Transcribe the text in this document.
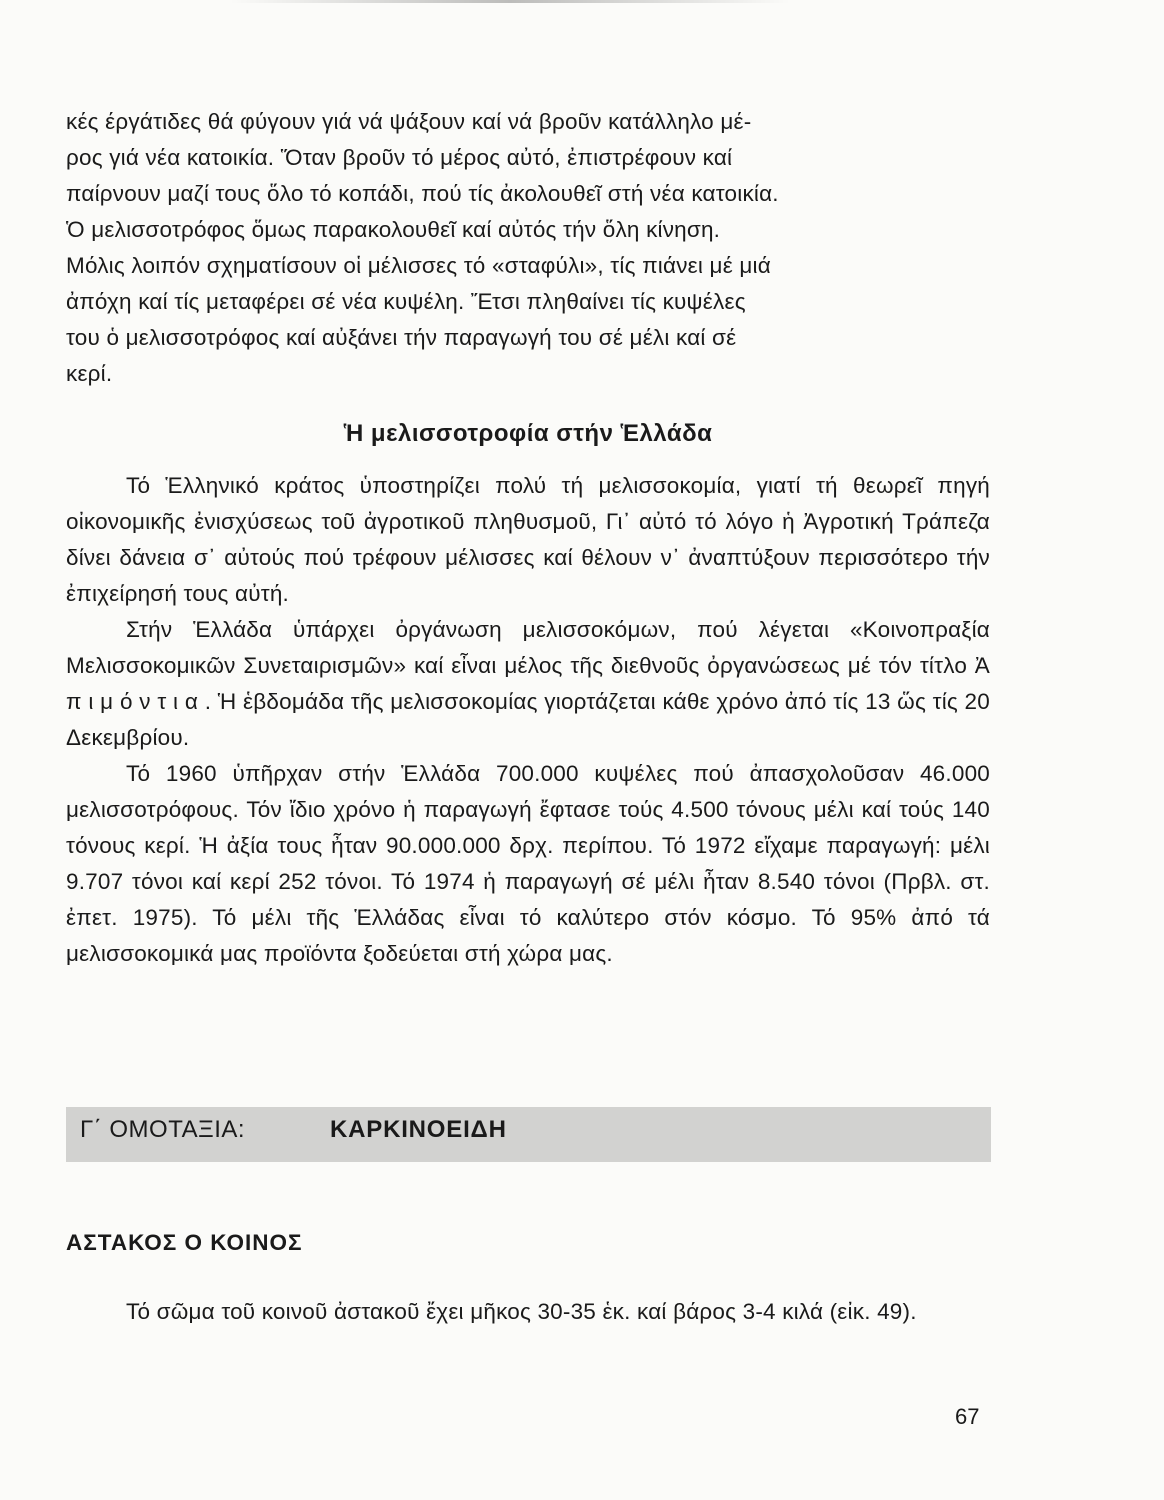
κές έργάτιδες θά φύγουν γιά νά ψάξουν καί νά βροῦν κατάλληλο μέ-

ρος γιά νέα κατοικία. Ὅταν βροῦν τό μέρος αὐτό, ἐπιστρέφουν καί

παίρνουν μαζί τους ὅλο τό κοπάδι, πού τίς ἀκολουθεῖ στή νέα κατοικία.

Ὁ μελισσοτρόφος ὅμως παρακολουθεῖ καί αὐτός τήν ὅλη κίνηση.

Μόλις λοιπόν σχηματίσουν οἱ μέλισσες τό «σταφύλι», τίς πιάνει μέ μιά

ἀπόχη καί τίς μεταφέρει σέ νέα κυψέλη. Ἔτσι πληθαίνει τίς κυψέλες

του ὁ μελισσοτρόφος καί αὐξάνει τήν παραγωγή του σέ μέλι καί σέ

κερί.

Ἡ μελισσοτροφία στήν Ἑλλάδα

Τό Ἑλληνικό κράτος ὑποστηρίζει πολύ τή μελισσοκομία, γιατί τή θεωρεῖ πηγή οἰκονομικῆς ἐνισχύσεως τοῦ ἀγροτικοῦ πληθυσμοῦ, Γι᾿ αὐτό τό λόγο ἡ Ἀγροτική Τράπεζα δίνει δάνεια σ᾿ αὐτούς πού τρέφουν μέλισσες καί θέλουν ν᾿ ἀναπτύξουν περισσότερο τήν ἐπιχείρησή τους αὐτή.

Στήν Ἑλλάδα ὑπάρχει ὀργάνωση μελισσοκόμων, πού λέγεται «Κοινοπραξία Μελισσοκομικῶν Συνεταιρισμῶν» καί εἶναι μέλος τῆς διεθνοῦς ὀργανώσεως μέ τόν τίτλο Ἀ π ι μ ό ν τ ι α . Ἡ ἑβδομάδα τῆς μελισσοκομίας γιορτάζεται κάθε χρόνο ἀπό τίς 13 ὥς τίς 20 Δεκεμβρίου.

Τό 1960 ὑπῆρχαν στήν Ἑλλάδα 700.000 κυψέλες πού ἀπασχολοῦσαν 46.000 μελισσοτρόφους. Τόν ἴδιο χρόνο ἡ παραγωγή ἔφτασε τούς 4.500 τόνους μέλι καί τούς 140 τόνους κερί. Ἡ ἀξία τους ἦταν 90.000.000 δρχ. περίπου. Τό 1972 εἴχαμε παραγωγή: μέλι 9.707 τόνοι καί κερί 252 τόνοι. Τό 1974 ἡ παραγωγή σέ μέλι ἦταν 8.540 τόνοι (Πρβλ. στ. ἐπετ. 1975). Τό μέλι τῆς Ἑλλάδας εἶναι τό καλύτερο στόν κόσμο. Τό 95% ἀπό τά μελισσοκομικά μας προϊόντα ξοδεύεται στή χώρα μας.

Γ΄ ΟΜΟΤΑΞΙΑ:	ΚΑΡΚΙΝΟΕΙΔΗ
ΑΣΤΑΚΟΣ Ο ΚΟΙΝΟΣ

Τό σῶμα τοῦ κοινοῦ ἀστακοῦ ἔχει μῆκος 30-35 ἑκ. καί βάρος 3-4 κιλά (εἰκ. 49).

67
